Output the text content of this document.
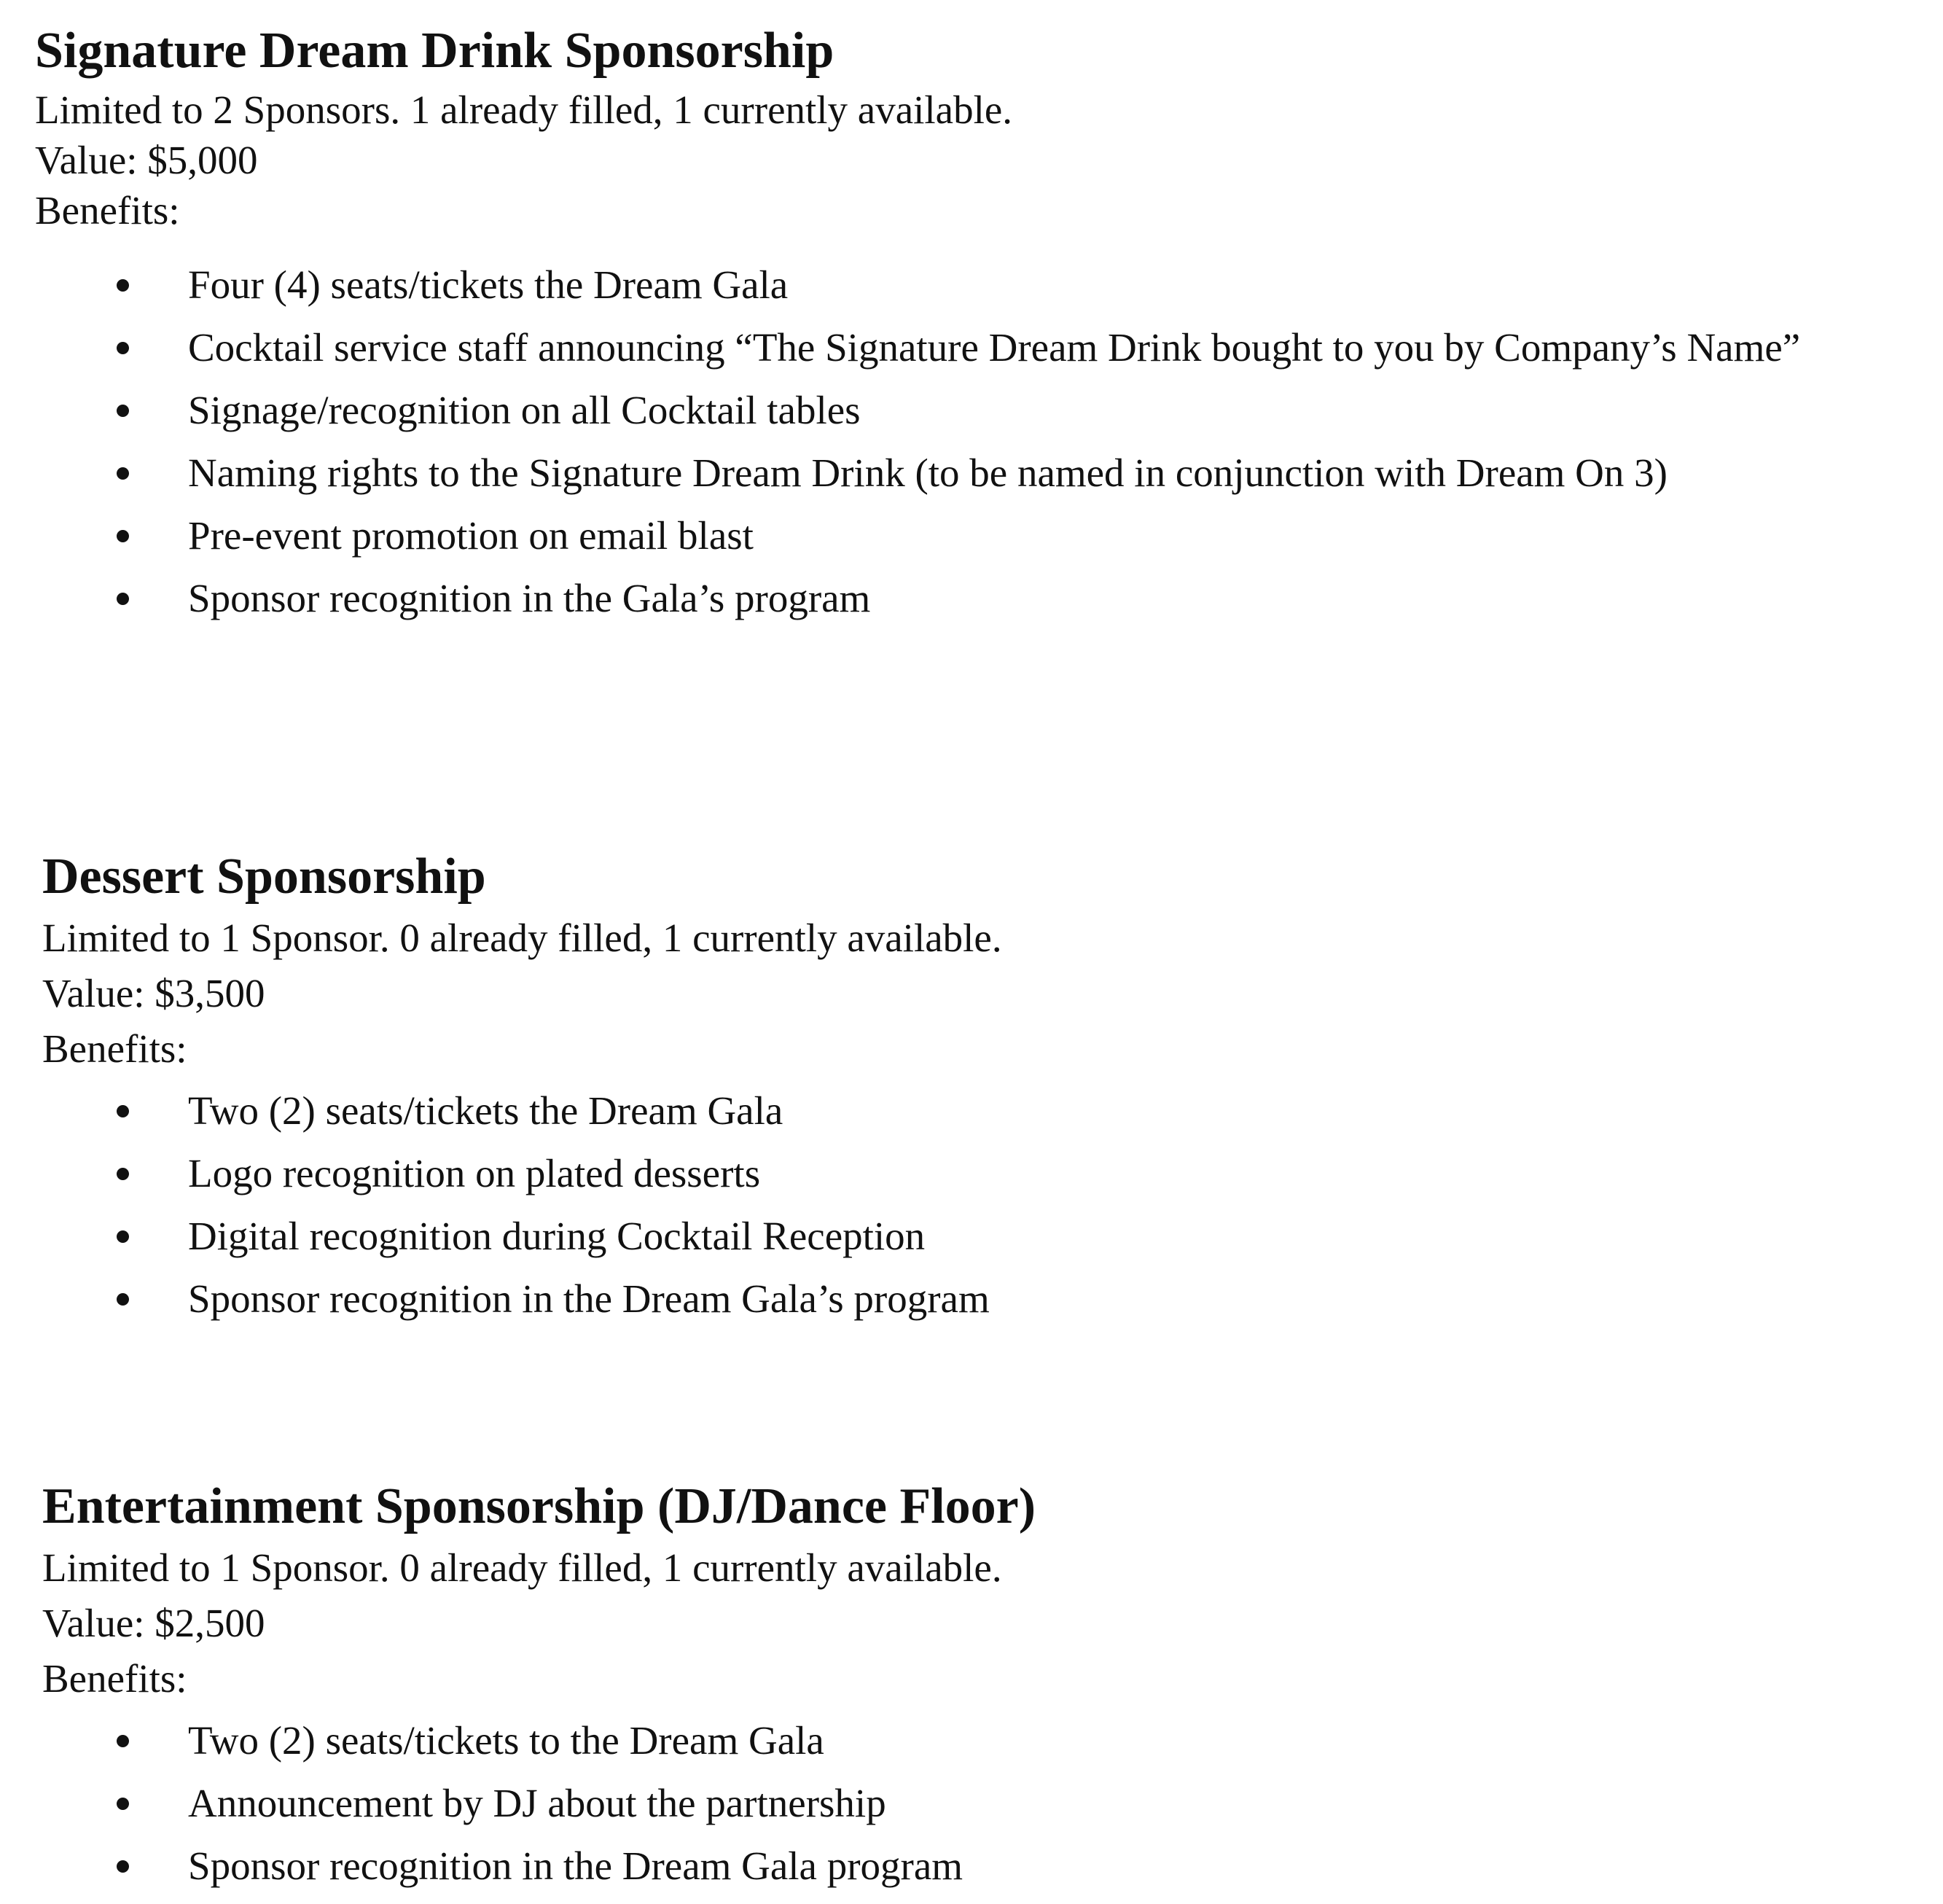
Signature Dream Drink Sponsorship
Limited to 2 Sponsors. 1 already filled, 1 currently available.
Value: $5,000
Benefits:
Four (4) seats/tickets the Dream Gala
Cocktail service staff announcing “The Signature Dream Drink bought to you by Company’s Name”
Signage/recognition on all Cocktail tables
Naming rights to the Signature Dream Drink (to be named in conjunction with Dream On 3)
Pre-event promotion on email blast
Sponsor recognition in the Gala’s program
Dessert Sponsorship
Limited to 1 Sponsor. 0 already filled, 1 currently available.
Value: $3,500
Benefits:
Two (2) seats/tickets the Dream Gala
Logo recognition on plated desserts
Digital recognition during Cocktail Reception
Sponsor recognition in the Dream Gala’s program
Entertainment Sponsorship (DJ/Dance Floor)
Limited to 1 Sponsor. 0 already filled, 1 currently available.
Value: $2,500
Benefits:
Two (2) seats/tickets to the Dream Gala
Announcement by DJ about the partnership
Sponsor recognition in the Dream Gala program
